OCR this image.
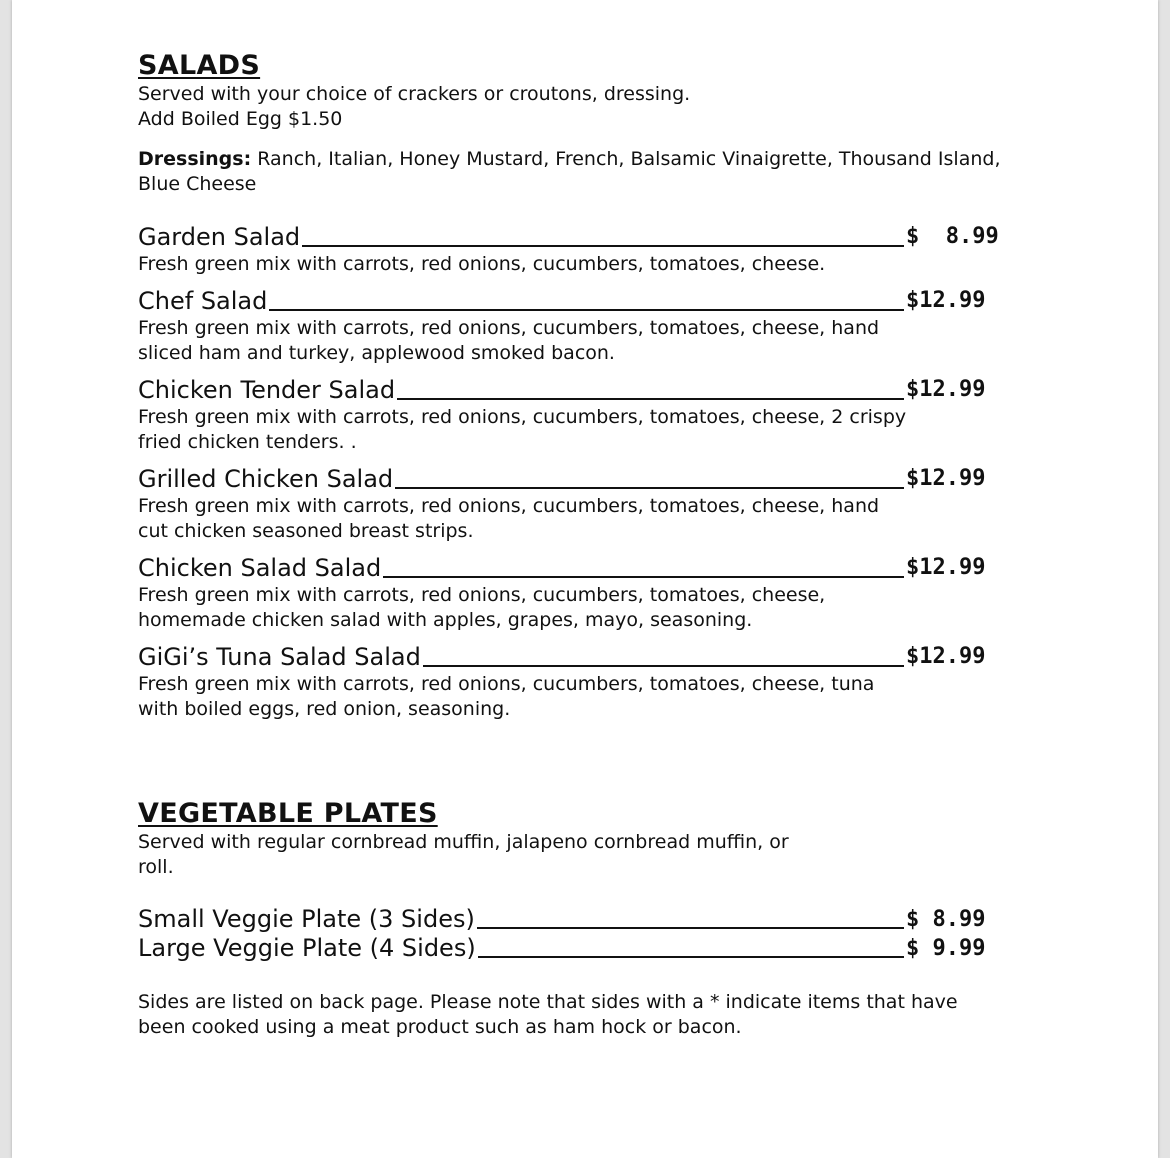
SALADS

Served with your choice of crackers or croutons, dressing.

Add Boiled Egg $1.50

Dressings: Ranch, Italian, Honey Mustard, French, Balsamic Vinaigrette, Thousand Island, Blue Cheese

Garden Salad	$  8.99

Fresh green mix with carrots, red onions, cucumbers, tomatoes, cheese.

Chef Salad	$12.99

Fresh green mix with carrots, red onions, cucumbers, tomatoes, cheese, hand sliced ham and turkey, applewood smoked bacon.

Chicken Tender Salad	$12.99

Fresh green mix with carrots, red onions, cucumbers, tomatoes, cheese, 2 crispy fried chicken tenders. .

Grilled Chicken Salad	$12.99

Fresh green mix with carrots, red onions, cucumbers, tomatoes, cheese, hand cut chicken seasoned breast strips.

Chicken Salad Salad	$12.99

Fresh green mix with carrots, red onions, cucumbers, tomatoes, cheese, homemade chicken salad with apples, grapes, mayo, seasoning.

GiGi’s Tuna Salad Salad	$12.99

Fresh green mix with carrots, red onions, cucumbers, tomatoes, cheese, tuna with boiled eggs, red onion, seasoning.

VEGETABLE PLATES

Served with regular cornbread muffin, jalapeno cornbread muffin, or roll.

Small Veggie Plate (3 Sides)	$ 8.99
Large Veggie Plate (4 Sides)	$ 9.99

Sides are listed on back page. Please note that sides with a * indicate items that have been cooked using a meat product such as ham hock or bacon.
